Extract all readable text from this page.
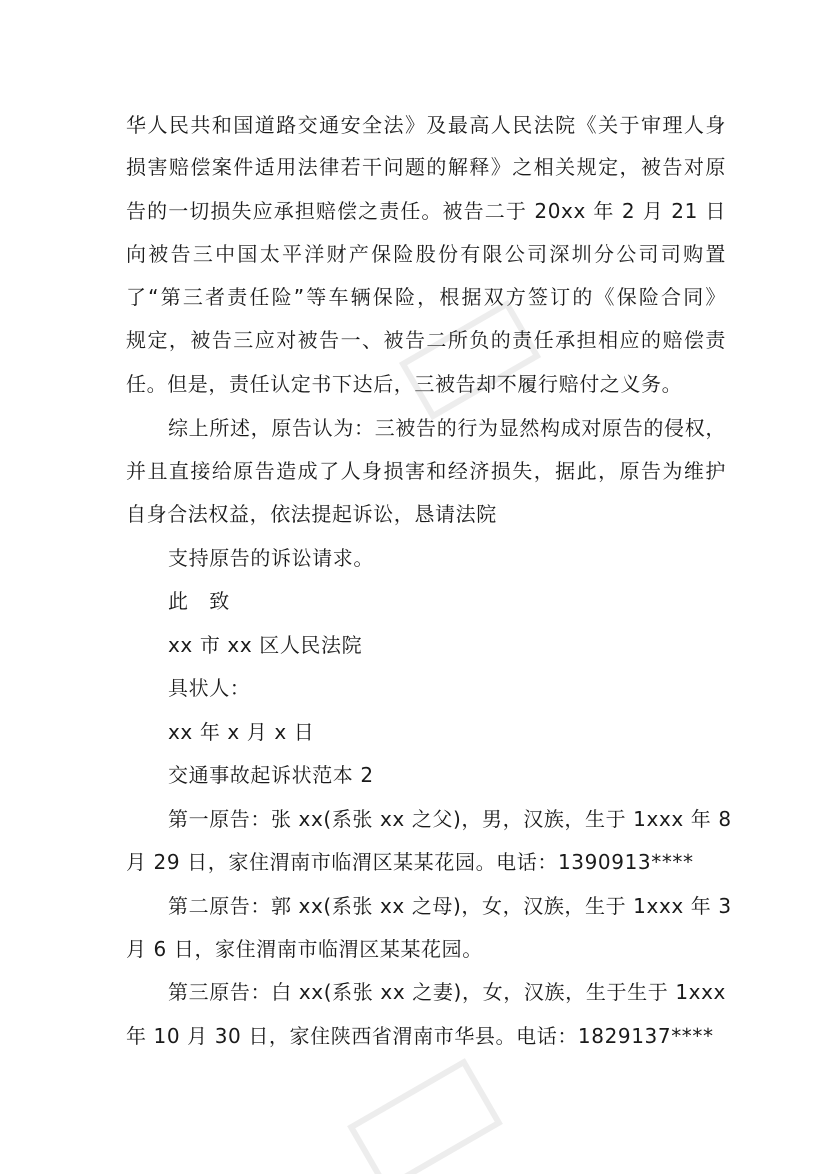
华人民共和国道路交通安全法》及最高人民法院《关于审理人身
损害赔偿案件适用法律若干问题的解释》之相关规定，被告对原
告的一切损失应承担赔偿之责任。被告二于 20xx 年 2 月 21 日
向被告三中国太平洋财产保险股份有限公司深圳分公司司购置
了“第三者责任险”等车辆保险，根据双方签订的《保险合同》
规定，被告三应对被告一、被告二所负的责任承担相应的赔偿责
任。但是，责任认定书下达后，三被告却不履行赔付之义务。
综上所述，原告认为：三被告的行为显然构成对原告的侵权，
并且直接给原告造成了人身损害和经济损失，据此，原告为维护
自身合法权益，依法提起诉讼，恳请法院
支持原告的诉讼请求。
此　致
xx 市 xx 区人民法院
具状人：
xx 年 x 月 x 日
交通事故起诉状范本 2
第一原告：张 xx(系张 xx 之父)，男，汉族，生于 1xxx 年 8
月 29 日，家住渭南市临渭区某某花园。电话：1390913****
第二原告：郭 xx(系张 xx 之母)，女，汉族，生于 1xxx 年 3
月 6 日，家住渭南市临渭区某某花园。
第三原告：白 xx(系张 xx 之妻)，女，汉族，生于生于 1xxx
年 10 月 30 日，家住陕西省渭南市华县。电话：1829137****
